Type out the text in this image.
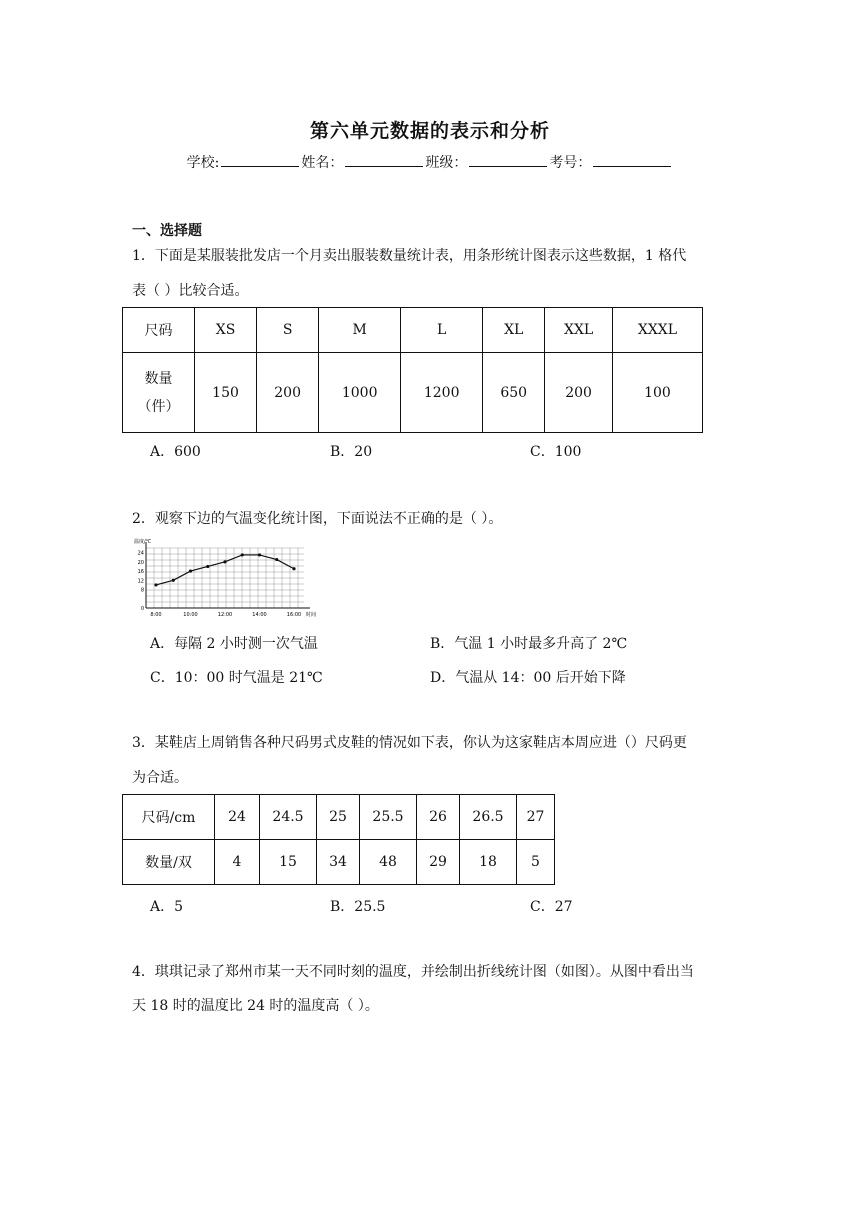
第六单元数据的表示和分析
学校:	姓名：	班级：	考号：
一、选择题
1．下面是某服装批发店一个月卖出服装数量统计表，用条形统计图表示这些数据，1 格代
表（ ）比较合适。
尺码	XS	S	M	L	XL	XXL	XXXL

数量
（件）	150	200	1000	1200	650	200	100
A．600	B．20	C．100
2．观察下边的气温变化统计图，下面说法不正确的是（ ）。
温度/℃
时间
0
8
12
16
20
24
8:00	10:00	12:00	14:00	16:00
A．每隔 2 小时测一次气温	B．气温 1 小时最多升高了 2℃
C．10：00 时气温是 21℃	D．气温从 14：00 后开始下降
3．某鞋店上周销售各种尺码男式皮鞋的情况如下表，你认为这家鞋店本周应进（）尺码更
为合适。
尺码/cm	24	24.5	25	25.5	26	26.5	27
数量/双	4	15	34	48	29	18	5
A．5	B．25.5	C．27
4．琪琪记录了郑州市某一天不同时刻的温度，并绘制出折线统计图（如图）。从图中看出当
天 18 时的温度比 24 时的温度高（ ）。
